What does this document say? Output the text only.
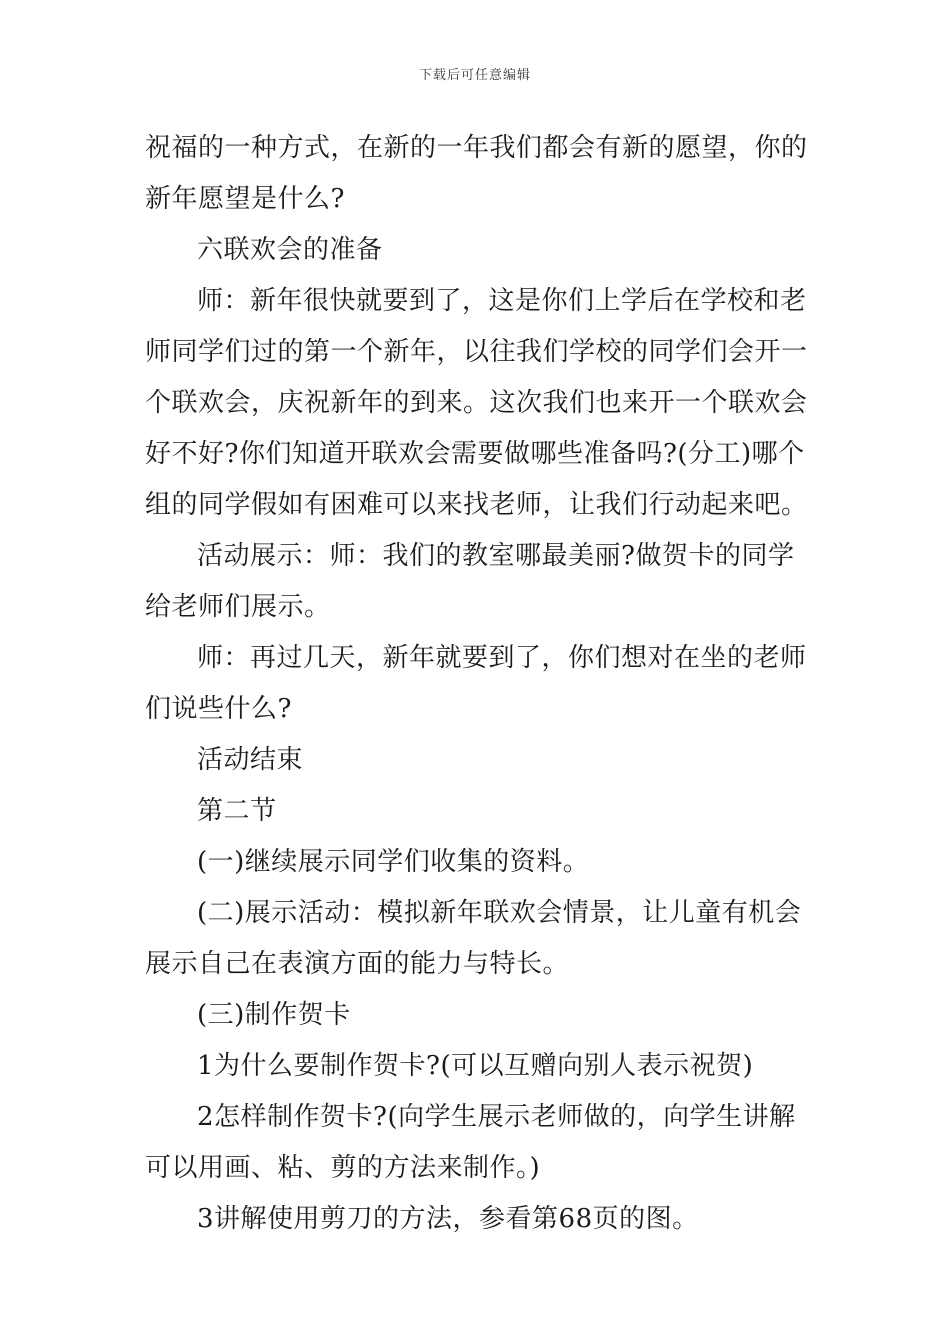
下载后可任意编辑

祝福的一种方式，在新的一年我们都会有新的愿望，你的新年愿望是什么?

六联欢会的准备

师：新年很快就要到了，这是你们上学后在学校和老师同学们过的第一个新年，以往我们学校的同学们会开一个联欢会，庆祝新年的到来。这次我们也来开一个联欢会好不好?你们知道开联欢会需要做哪些准备吗?(分工)哪个组的同学假如有困难可以来找老师，让我们行动起来吧。

活动展示：师：我们的教室哪最美丽?做贺卡的同学给老师们展示。

师：再过几天，新年就要到了，你们想对在坐的老师们说些什么?

活动结束

第二节

(一)继续展示同学们收集的资料。

(二)展示活动：模拟新年联欢会情景，让儿童有机会展示自己在表演方面的能力与特长。

(三)制作贺卡

1为什么要制作贺卡?(可以互赠向别人表示祝贺)

2怎样制作贺卡?(向学生展示老师做的，向学生讲解可以用画、粘、剪的方法来制作。)

3讲解使用剪刀的方法，参看第68页的图。
